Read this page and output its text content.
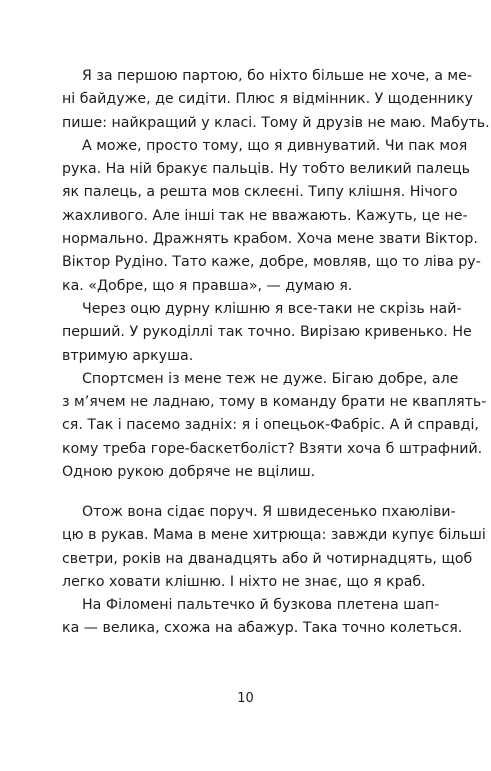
Я за першою партою, бо ніхто більше не хоче, а ме-
ні байдуже, де сидіти. Плюс я відмінник. У щоденнику
пише: найкращий у класі. Тому й друзів не маю. Мабуть.
А може, просто тому, що я дивнуватий. Чи пак моя
рука. На ній бракує пальців. Ну тобто великий палець
як палець, а решта мов склеєні. Типу клішня. Нічого
жахливого. Але інші так не вважають. Кажуть, це не-
нормально. Дражнять крабом. Хоча мене звати Віктор.
Віктор Рудіно. Тато каже, добре, мовляв, що то ліва ру-
ка. «Добре, що я правша», — думаю я.
Через оцю дурну клішню я все-таки не скрізь най-
перший. У рукоділлі так точно. Вирізаю кривенько. Не
втримую аркуша.
Спортсмен із мене теж не дуже. Бігаю добре, але
з м’ячем не ладнаю, тому в команду брати не кваплять-
ся. Так і пасемо задніх: я і опецьок-Фабріс. А й справді,
кому треба горе-баскетболіст? Взяти хоча б штрафний.
Одною рукою добряче не вцілиш.
Отож вона сідає поруч. Я швидесенько пхаюліви-
цю в рукав. Мама в мене хитрюща: завжди купує більші
светри, років на дванадцять або й чотирнадцять, щоб
легко ховати клішню. І ніхто не знає, що я краб.
На Філомені пальтечко й бузкова плетена шап-
ка — велика, схожа на абажур. Така точно колеться.
10
